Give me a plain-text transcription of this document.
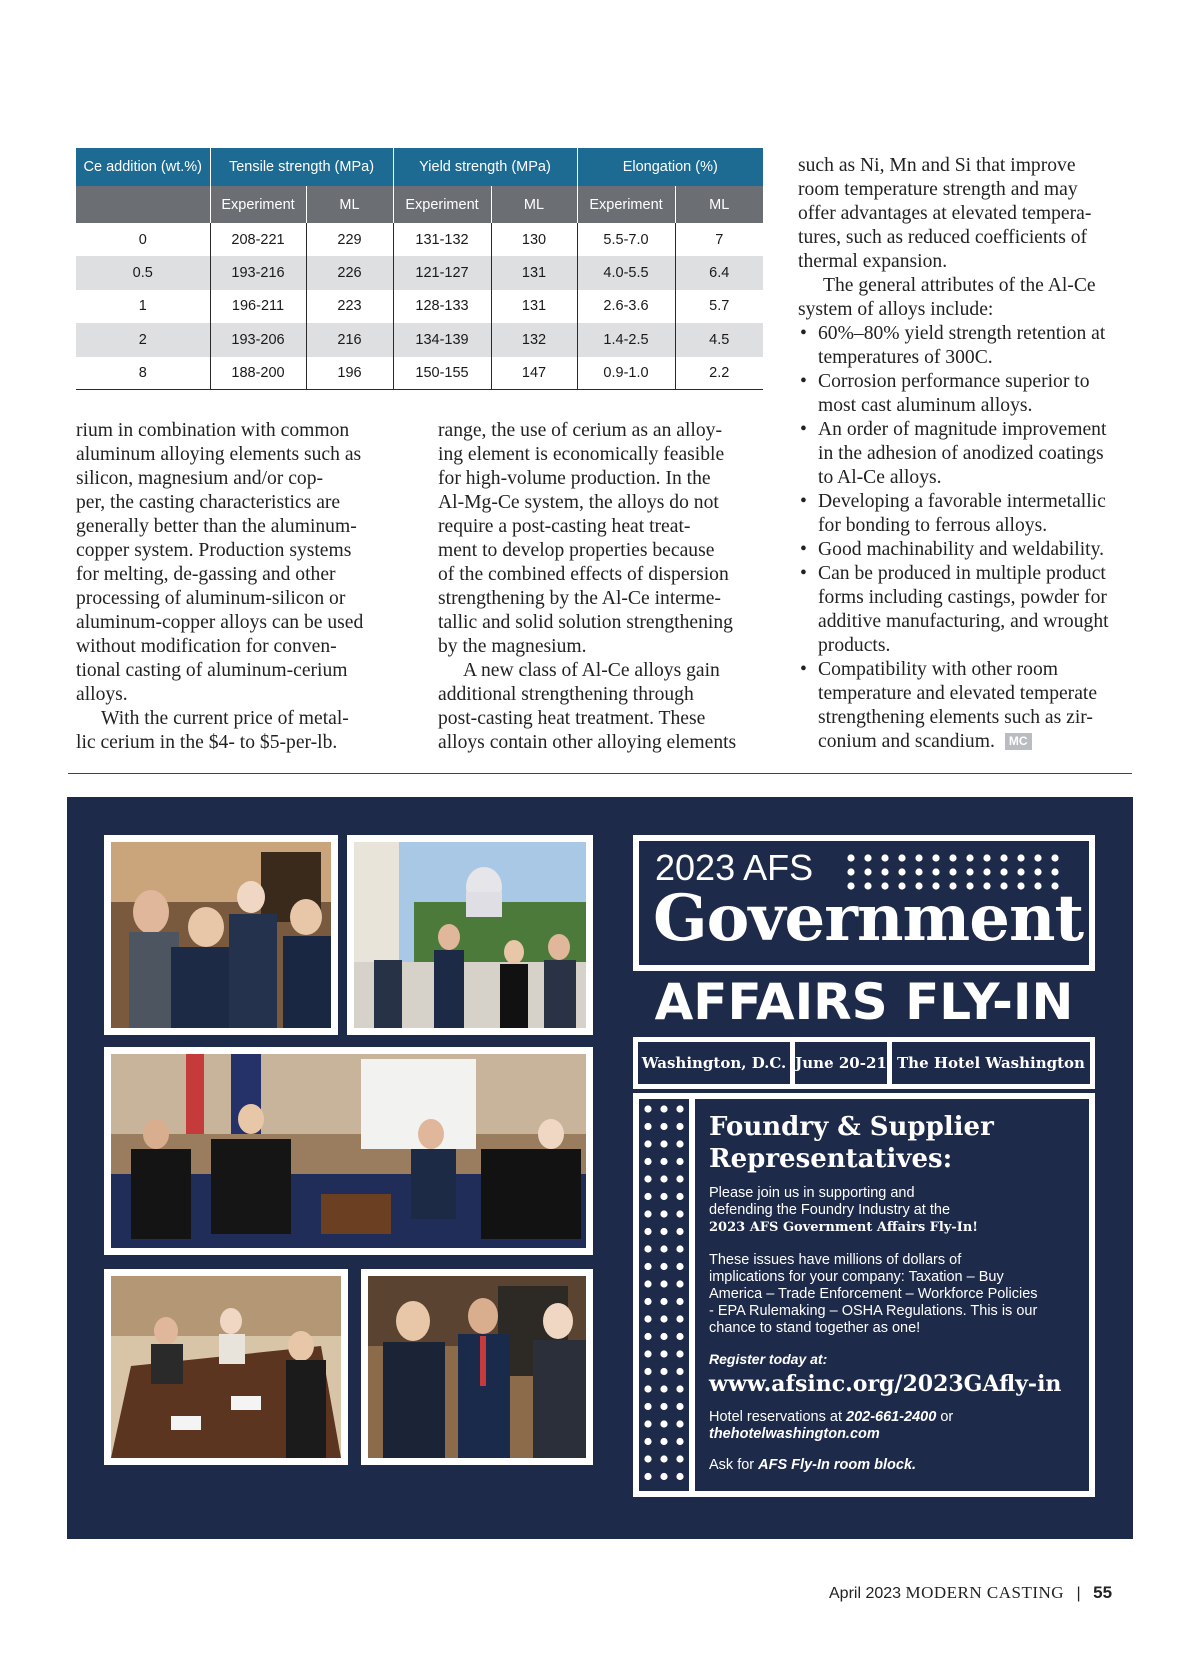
Ce addition (wt.%)	Tensile strength (MPa)		Yield strength (MPa)		Elongation (%)	
	Experiment	ML	Experiment	ML	Experiment	ML
0	208-221	229	131-132	130	5.5-7.0	7
0.5	193-216	226	121-127	131	4.0-5.5	6.4
1	196-211	223	128-133	131	2.6-3.6	5.7
2	193-206	216	134-139	132	1.4-2.5	4.5
8	188-200	196	150-155	147	0.9-1.0	2.2
rium in combination with common
aluminum alloying elements such as
silicon, magnesium and/or cop-
per, the casting characteristics are
generally better than the aluminum-
copper system. Production systems
for melting, de-gassing and other
processing of aluminum-silicon or
aluminum-copper alloys can be used
without modification for conven-
tional casting of aluminum-cerium
alloys.
With the current price of metal-
lic cerium in the $4- to $5-per-lb.
range, the use of cerium as an alloy-
ing element is economically feasible
for high-volume production. In the
Al-Mg-Ce system, the alloys do not
require a post-casting heat treat-
ment to develop properties because
of the combined effects of dispersion
strengthening by the Al-Ce interme-
tallic and solid solution strengthening
by the magnesium.
A new class of Al-Ce alloys gain
additional strengthening through
post-casting heat treatment. These
alloys contain other alloying elements
such as Ni, Mn and Si that improve
room temperature strength and may
offer advantages at elevated tempera-
tures, such as reduced coefficients of
thermal expansion.
The general attributes of the Al-Ce
system of alloys include:
• 60%–80% yield strength retention at
temperatures of 300C.
• Corrosion performance superior to
most cast aluminum alloys.
• An order of magnitude improvement
in the adhesion of anodized coatings
to Al-Ce alloys.
• Developing a favorable intermetallic
for bonding to ferrous alloys.
• Good machinability and weldability.
• Can be produced in multiple product
forms including castings, powder for
additive manufacturing, and wrought
products.
• Compatibility with other room
temperature and elevated temperate
strengthening elements such as zir-
conium and scandium. MC
2023 AFS
Government
AFFAIRS FLY-IN
Washington, D.C. June 20-21 The Hotel Washington
Foundry & Supplier
Representatives:
Please join us in supporting and
defending the Foundry Industry at the
2023 AFS Government Affairs Fly-In!
These issues have millions of dollars of
implications for your company: Taxation – Buy
America – Trade Enforcement – Workforce Policies
- EPA Rulemaking – OSHA Regulations. This is our
chance to stand together as one!
Register today at:
www.afsinc.org/2023GAfly-in
Hotel reservations at 202-661-2400 or
thehotelwashington.com
Ask for AFS Fly-In room block.
April 2023 MODERN CASTING | 55
